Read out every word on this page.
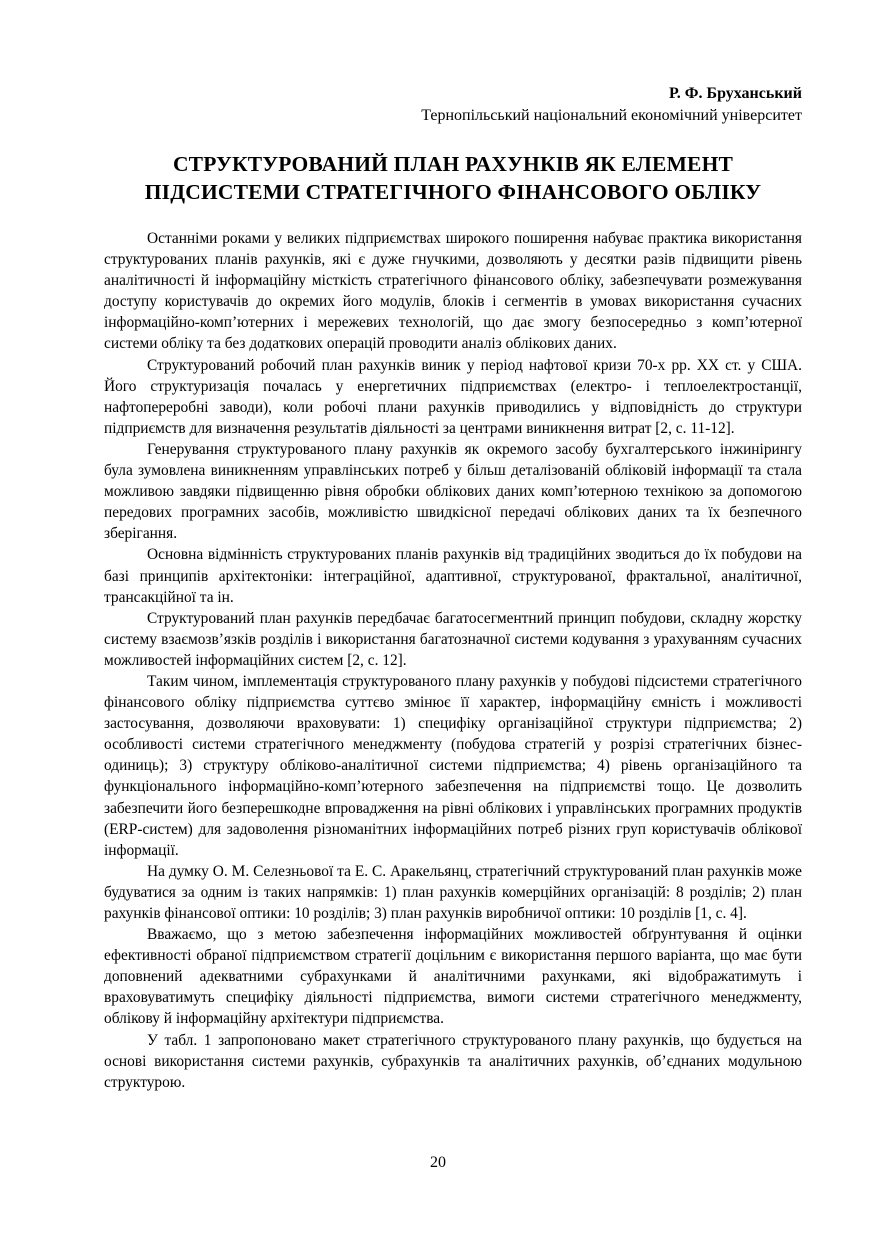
Р. Ф. Бруханський
Тернопільський національний економічний університет
СТРУКТУРОВАНИЙ ПЛАН РАХУНКІВ ЯК ЕЛЕМЕНТ
ПІДСИСТЕМИ СТРАТЕГІЧНОГО ФІНАНСОВОГО ОБЛІКУ

Останніми роками у великих підприємствах широкого поширення набуває практика використання структурованих планів рахунків, які є дуже гнучкими, дозволяють у десятки разів підвищити рівень аналітичності й інформаційну місткість стратегічного фінансового обліку, забезпечувати розмежування доступу користувачів до окремих його модулів, блоків і сегментів в умовах використання сучасних інформаційно-комп’ютерних і мережевих технологій, що дає змогу безпосередньо з комп’ютерної системи обліку та без додаткових операцій проводити аналіз облікових даних.

Структурований робочий план рахунків виник у період нафтової кризи 70-х рр. XX ст. у США. Його структуризація почалась у енергетичних підприємствах (електро- і теплоелектростанції, нафтопереробні заводи), коли робочі плани рахунків приводились у відповідність до структури підприємств для визначення результатів діяльності за центрами виникнення витрат [2, с. 11-12].

Генерування структурованого плану рахунків як окремого засобу бухгалтерського інжинірингу була зумовлена виникненням управлінських потреб у більш деталізованій обліковій інформації та стала можливою завдяки підвищенню рівня обробки облікових даних комп’ютерною технікою за допомогою передових програмних засобів, можливістю швидкісної передачі облікових даних та їх безпечного зберігання.

Основна відмінність структурованих планів рахунків від традиційних зводиться до їх побудови на базі принципів архітектоніки: інтеграційної, адаптивної, структурованої, фрактальної, аналітичної, трансакційної та ін.

Структурований план рахунків передбачає багатосегментний принцип побудови, складну жорстку систему взаємозв’язків розділів і використання багатозначної системи кодування з урахуванням сучасних можливостей інформаційних систем [2, с. 12].

Таким чином, імплементація структурованого плану рахунків у побудові підсистеми стратегічного фінансового обліку підприємства суттєво змінює її характер, інформаційну ємність і можливості застосування, дозволяючи враховувати: 1) специфіку організаційної структури підприємства; 2) особливості системи стратегічного менеджменту (побудова стратегій у розрізі стратегічних бізнес-одиниць); 3) структуру обліково-аналітичної системи підприємства; 4) рівень організаційного та функціонального інформаційно-комп’ютерного забезпечення на підприємстві тощо. Це дозволить забезпечити його безперешкодне впровадження на рівні облікових і управлінських програмних продуктів (ERP-систем) для задоволення різноманітних інформаційних потреб різних груп користувачів облікової інформації.

На думку О. М. Селезньової та Е. С. Аракельянц, стратегічний структурований план рахунків може будуватися за одним із таких напрямків: 1) план рахунків комерційних організацій: 8 розділів; 2) план рахунків фінансової оптики: 10 розділів; 3) план рахунків виробничої оптики: 10 розділів [1, с. 4].

Вважаємо, що з метою забезпечення інформаційних можливостей обґрунтування й оцінки ефективності обраної підприємством стратегії доцільним є використання першого варіанта, що має бути доповнений адекватними субрахунками й аналітичними рахунками, які відображатимуть і враховуватимуть специфіку діяльності підприємства, вимоги системи стратегічного менеджменту, облікову й інформаційну архітектури підприємства.

У табл. 1 запропоновано макет стратегічного структурованого плану рахунків, що будується на основі використання системи рахунків, субрахунків та аналітичних рахунків, об’єднаних модульною структурою.

20
